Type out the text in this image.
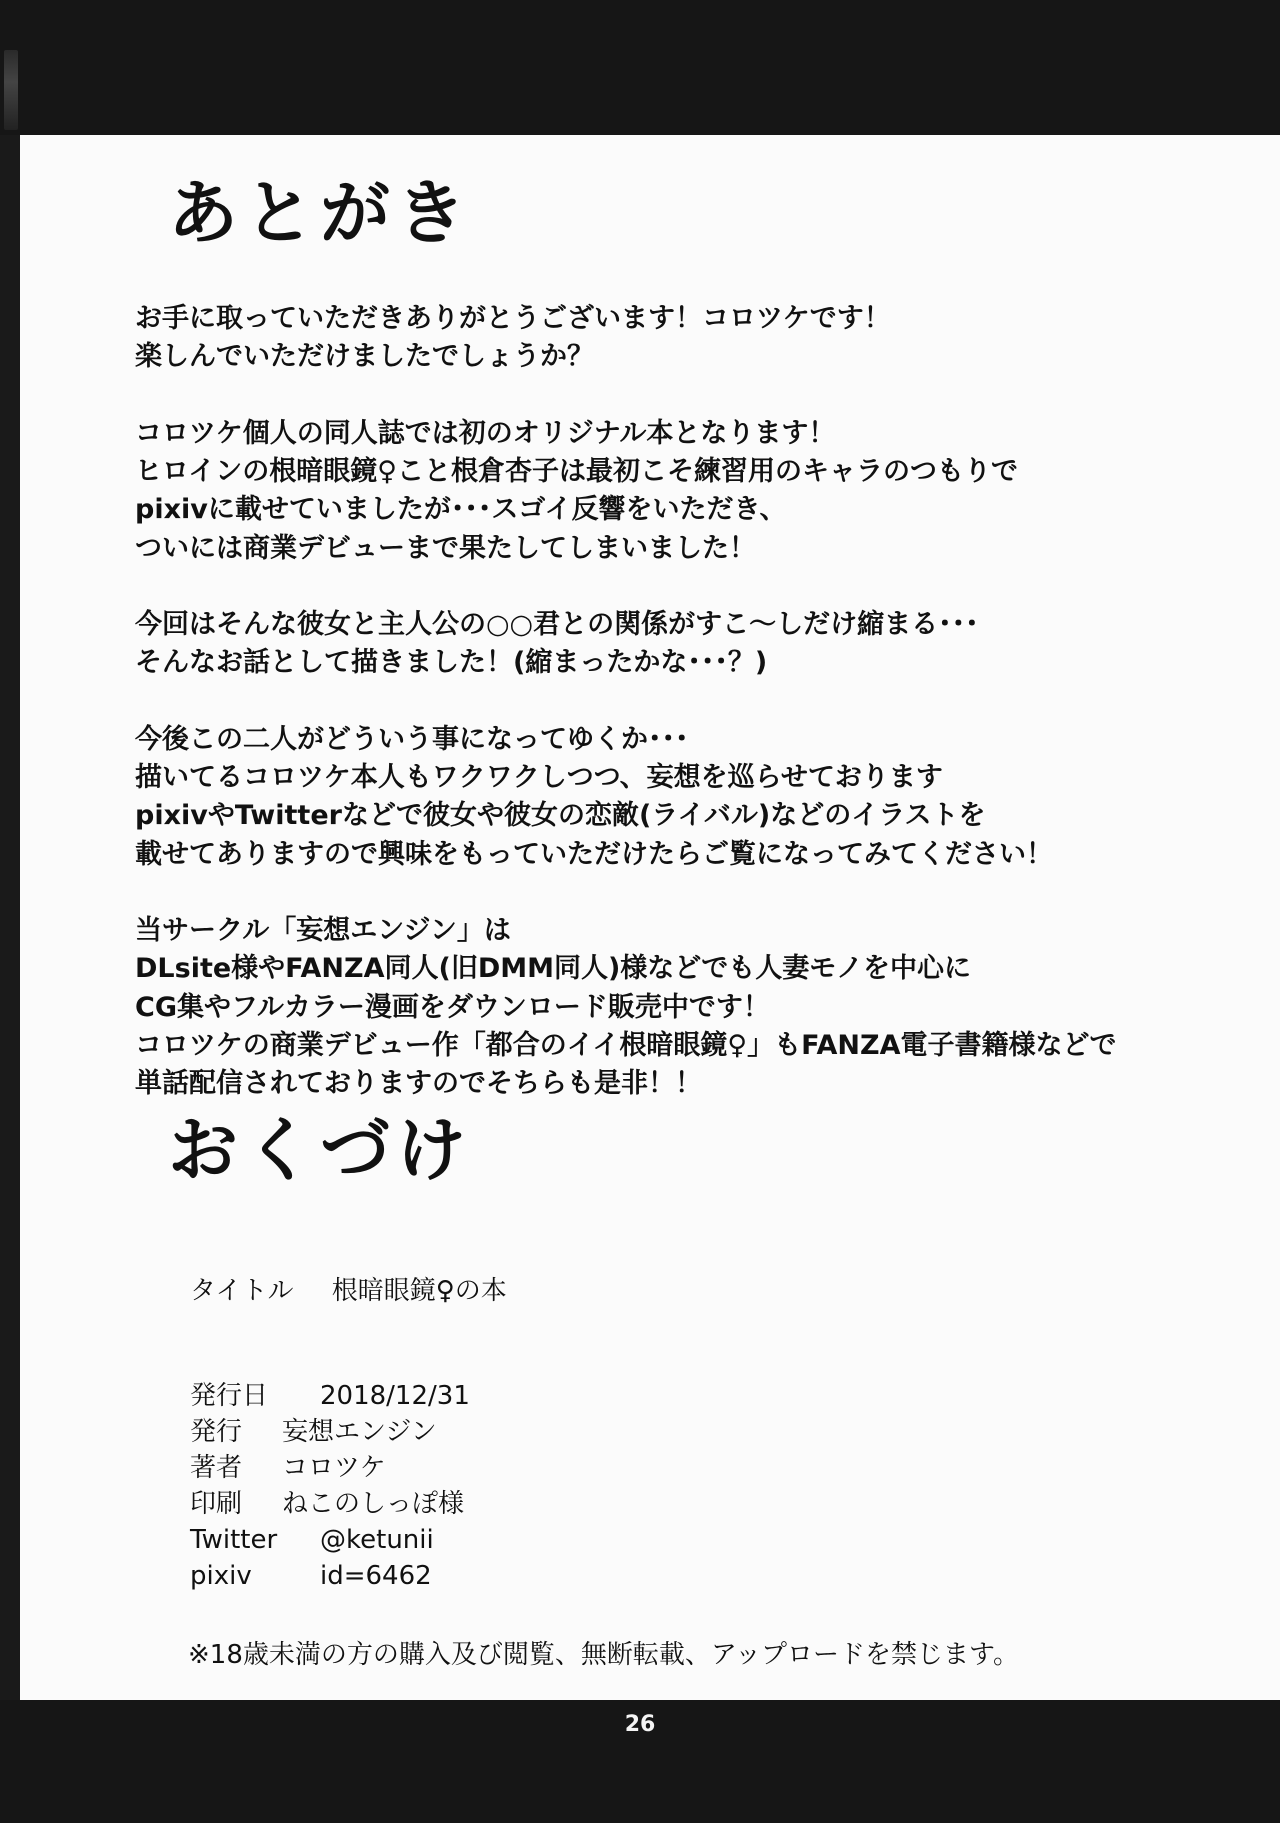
あとがき

お手に取っていただきありがとうございます！コロツケです！
楽しんでいただけましたでしょうか？

コロツケ個人の同人誌では初のオリジナル本となります！
ヒロインの根暗眼鏡♀こと根倉杏子は最初こそ練習用のキャラのつもりで
pixivに載せていましたが･･･スゴイ反響をいただき、
ついには商業デビューまで果たしてしまいました！

今回はそんな彼女と主人公の○○君との関係がすこ～しだけ縮まる･･･
そんなお話として描きました！(縮まったかな･･･？)

今後この二人がどういう事になってゆくか･･･
描いてるコロツケ本人もワクワクしつつ、妄想を巡らせております
pixivやTwitterなどで彼女や彼女の恋敵(ライバル)などのイラストを
載せてありますので興味をもっていただけたらご覧になってみてください！

当サークル「妄想エンジン」は
DLsite様やFANZA同人(旧DMM同人)様などでも人妻モノを中心に
CG集やフルカラー漫画をダウンロード販売中です！
コロツケの商業デビュー作「都合のイイ根暗眼鏡♀」もFANZA電子書籍様などで
単話配信されておりますのでそちらも是非！！

おくづけ
タイトル 根暗眼鏡♀の本
発行日 2018/12/31
発行 妄想エンジン
著者 コロツケ
印刷 ねこのしっぽ様
Twitter @ketunii
pixiv	id=6462
※18歳未満の方の購入及び閲覧、無断転載、アップロードを禁じます。
26
